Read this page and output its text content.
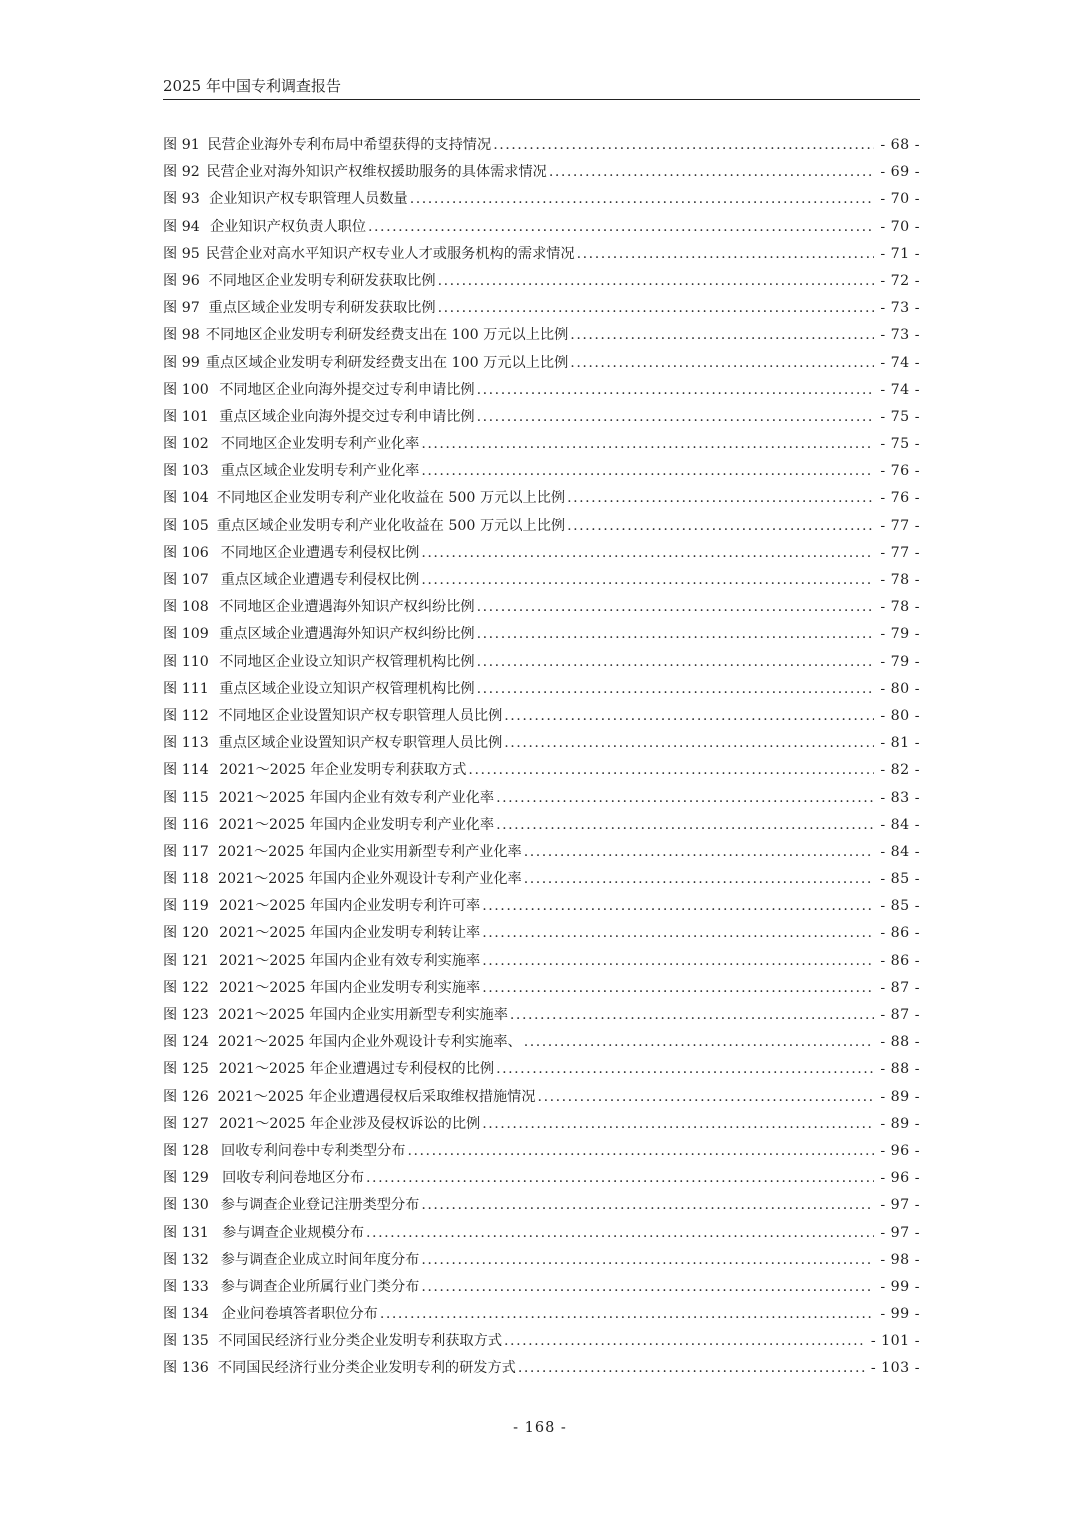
2025 年中国专利调查报告
图 91 民营企业海外专利布局中希望获得的支持情况 . . .	- 68 -
图 92 民营企业对海外知识产权维权援助服务的具体需求情况 . . .	- 69 -
图 93 企业知识产权专职管理人员数量 . . .	- 70 -
图 94 企业知识产权负责人职位 . . .	- 70 -
图 95 民营企业对高水平知识产权专业人才或服务机构的需求情况 . . .	- 71 -
图 96 不同地区企业发明专利研发获取比例 . . .	- 72 -
图 97 重点区域企业发明专利研发获取比例 . . .	- 73 -
图 98 不同地区企业发明专利研发经费支出在 100 万元以上比例 . . .	- 73 -
图 99 重点区域企业发明专利研发经费支出在 100 万元以上比例 . . .	- 74 -
图 100 不同地区企业向海外提交过专利申请比例 . . .	- 74 -
图 101 重点区域企业向海外提交过专利申请比例 . . .	- 75 -
图 102 不同地区企业发明专利产业化率 . . .	- 75 -
图 103 重点区域企业发明专利产业化率 . . .	- 76 -
图 104 不同地区企业发明专利产业化收益在 500 万元以上比例 . . .	- 76 -
图 105 重点区域企业发明专利产业化收益在 500 万元以上比例 . . .	- 77 -
图 106 不同地区企业遭遇专利侵权比例 . . .	- 77 -
图 107 重点区域企业遭遇专利侵权比例 . . .	- 78 -
图 108 不同地区企业遭遇海外知识产权纠纷比例 . . .	- 78 -
图 109 重点区域企业遭遇海外知识产权纠纷比例 . . .	- 79 -
图 110 不同地区企业设立知识产权管理机构比例 . . .	- 79 -
图 111 重点区域企业设立知识产权管理机构比例 . . .	- 80 -
图 112 不同地区企业设置知识产权专职管理人员比例 . . .	- 80 -
图 113 重点区域企业设置知识产权专职管理人员比例 . . .	- 81 -
图 114 2021～2025 年企业发明专利获取方式 . . .	- 82 -
图 115 2021～2025 年国内企业有效专利产业化率 . . .	- 83 -
图 116 2021～2025 年国内企业发明专利产业化率 . . .	- 84 -
图 117 2021～2025 年国内企业实用新型专利产业化率 . . .	- 84 -
图 118 2021～2025 年国内企业外观设计专利产业化率 . . .	- 85 -
图 119 2021～2025 年国内企业发明专利许可率 . . .	- 85 -
图 120 2021～2025 年国内企业发明专利转让率 . . .	- 86 -
图 121 2021～2025 年国内企业有效专利实施率 . . .	- 86 -
图 122 2021～2025 年国内企业发明专利实施率 . . .	- 87 -
图 123 2021～2025 年国内企业实用新型专利实施率 . . .	- 87 -
图 124 2021～2025 年国内企业外观设计专利实施率、 . . .	- 88 -
图 125 2021～2025 年企业遭遇过专利侵权的比例 . . .	- 88 -
图 126 2021～2025 年企业遭遇侵权后采取维权措施情况 . . .	- 89 -
图 127 2021～2025 年企业涉及侵权诉讼的比例 . . .	- 89 -
图 128 回收专利问卷中专利类型分布 . . .	- 96 -
图 129 回收专利问卷地区分布 . . .	- 96 -
图 130 参与调查企业登记注册类型分布 . . .	- 97 -
图 131 参与调查企业规模分布 . . .	- 97 -
图 132 参与调查企业成立时间年度分布 . . .	- 98 -
图 133 参与调查企业所属行业门类分布 . . .	- 99 -
图 134 企业问卷填答者职位分布 . . .	- 99 -
图 135 不同国民经济行业分类企业发明专利获取方式 . . .	- 101 -
图 136 不同国民经济行业分类企业发明专利的研发方式 . . .	- 103 -
- 168 -
